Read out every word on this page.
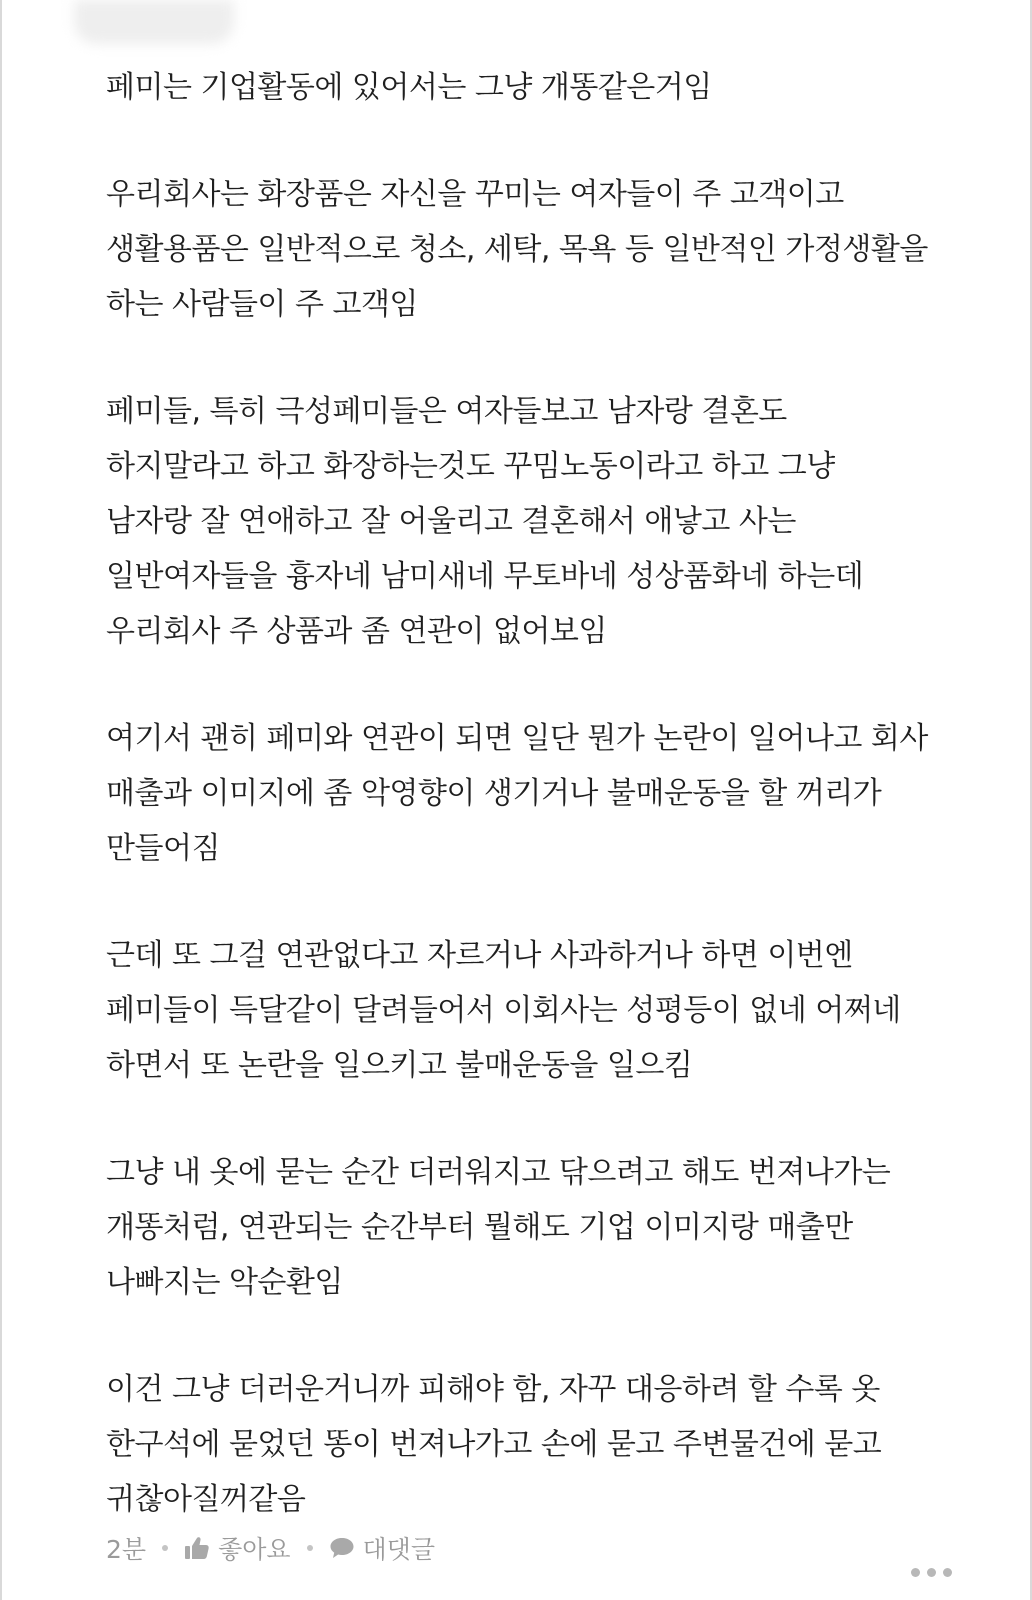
페미는 기업활동에 있어서는 그냥 개똥같은거임
우리회사는 화장품은 자신을 꾸미는 여자들이 주 고객이고
생활용품은 일반적으로 청소, 세탁, 목욕 등 일반적인 가정생활을
하는 사람들이 주 고객임
페미들, 특히 극성페미들은 여자들보고 남자랑 결혼도
하지말라고 하고 화장하는것도 꾸밈노동이라고 하고 그냥
남자랑 잘 연애하고 잘 어울리고 결혼해서 애낳고 사는
일반여자들을 흉자네 남미새네 무토바네 성상품화네 하는데
우리회사 주 상품과 좀 연관이 없어보임
여기서 괜히 페미와 연관이 되면 일단 뭔가 논란이 일어나고 회사
매출과 이미지에 좀 악영향이 생기거나 불매운동을 할 꺼리가
만들어짐
근데 또 그걸 연관없다고 자르거나 사과하거나 하면 이번엔
페미들이 득달같이 달려들어서 이회사는 성평등이 없네 어쩌네
하면서 또 논란을 일으키고 불매운동을 일으킴
그냥 내 옷에 묻는 순간 더러워지고 닦으려고 해도 번져나가는
개똥처럼, 연관되는 순간부터 뭘해도 기업 이미지랑 매출만
나빠지는 악순환임
이건 그냥 더러운거니까 피해야 함, 자꾸 대응하려 할 수록 옷
한구석에 묻었던 똥이 번져나가고 손에 묻고 주변물건에 묻고
귀찮아질꺼같음
2분	좋아요	대댓글
